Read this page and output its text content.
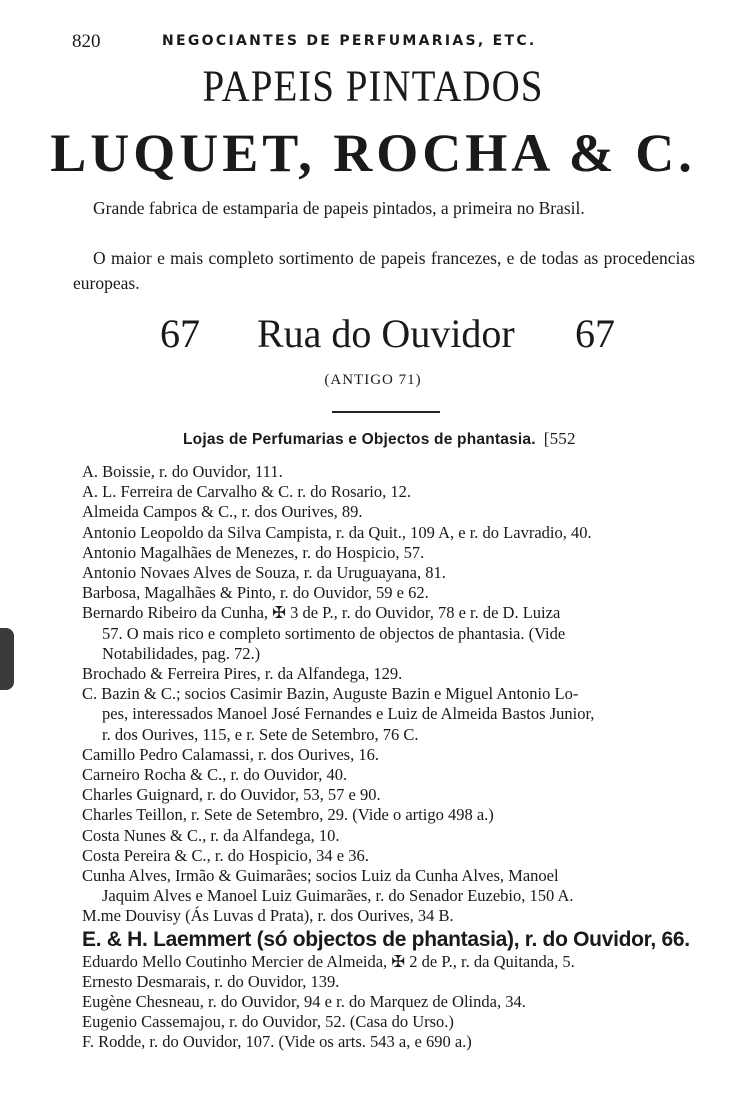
820	NEGOCIANTES DE PERFUMARIAS, ETC.
PAPEIS PINTADOS
LUQUET, ROCHA & C.
Grande fabrica de estamparia de papeis pintados, a primeira no Brasil.
O maior e mais completo sortimento de papeis francezes, e de todas as procedencias europeas.
67 Rua do Ouvidor 67
(ANTIGO 71)
Lojas de Perfumarias e Objectos de phantasia. [552
A. Boissie, r. do Ouvidor, 111.
A. L. Ferreira de Carvalho & C. r. do Rosario, 12.
Almeida Campos & C., r. dos Ourives, 89.
Antonio Leopoldo da Silva Campista, r. da Quit., 109 A, e r. do Lavradio, 40.
Antonio Magalhães de Menezes, r. do Hospicio, 57.
Antonio Novaes Alves de Souza, r. da Uruguayana, 81.
Barbosa, Magalhães & Pinto, r. do Ouvidor, 59 e 62.
Bernardo Ribeiro da Cunha, ✠ 3 de P., r. do Ouvidor, 78 e r. de D. Luiza
57. O mais rico e completo sortimento de objectos de phantasia. (Vide
Notabilidades, pag. 72.)
Brochado & Ferreira Pires, r. da Alfandega, 129.
C. Bazin & C.; socios Casimir Bazin, Auguste Bazin e Miguel Antonio Lo-
pes, interessados Manoel José Fernandes e Luiz de Almeida Bastos Junior,
r. dos Ourives, 115, e r. Sete de Setembro, 76 C.
Camillo Pedro Calamassi, r. dos Ourives, 16.
Carneiro Rocha & C., r. do Ouvidor, 40.
Charles Guignard, r. do Ouvidor, 53, 57 e 90.
Charles Teillon, r. Sete de Setembro, 29. (Vide o artigo 498 a.)
Costa Nunes & C., r. da Alfandega, 10.
Costa Pereira & C., r. do Hospicio, 34 e 36.
Cunha Alves, Irmão & Guimarães; socios Luiz da Cunha Alves, Manoel
Jaquim Alves e Manoel Luiz Guimarães, r. do Senador Euzebio, 150 A.
M.me Douvisy (Ás Luvas d Prata), r. dos Ourives, 34 B.
E. & H. Laemmert (só objectos de phantasia), r. do Ouvidor, 66.
Eduardo Mello Coutinho Mercier de Almeida, ✠ 2 de P., r. da Quitanda, 5.
Ernesto Desmarais, r. do Ouvidor, 139.
Eugène Chesneau, r. do Ouvidor, 94 e r. do Marquez de Olinda, 34.
Eugenio Cassemajou, r. do Ouvidor, 52. (Casa do Urso.)
F. Rodde, r. do Ouvidor, 107. (Vide os arts. 543 a, e 690 a.)
